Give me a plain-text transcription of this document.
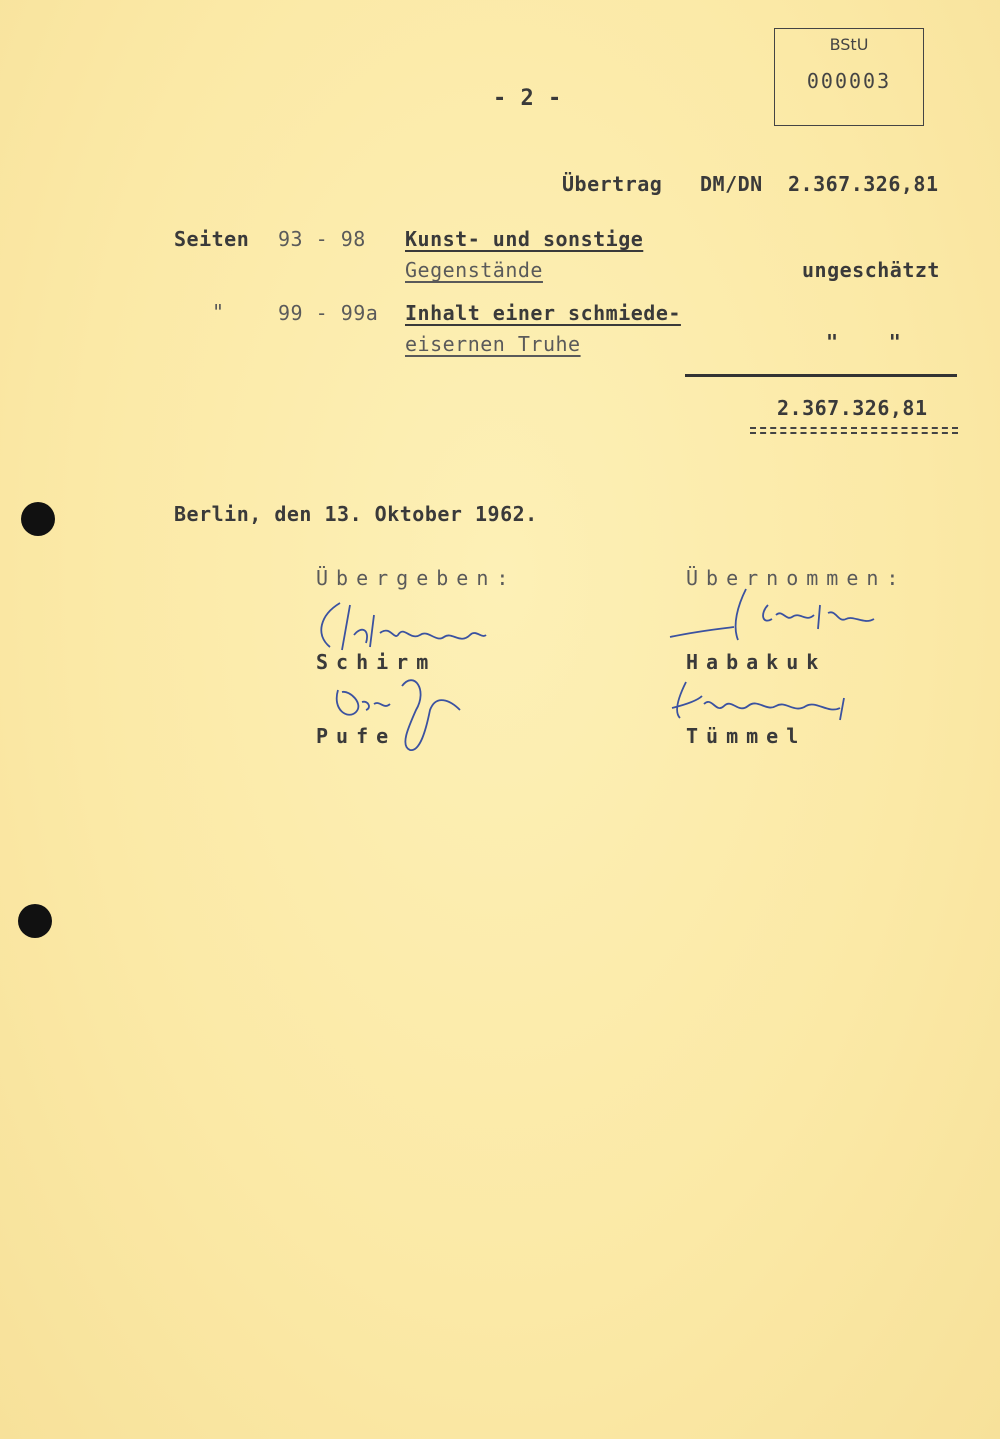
BStU
000003
- 2 -
Übertrag DM/DN 2.367.326,81
Seiten 93 - 98 Kunst- und sonstige
Gegenstände	ungeschätzt
"	99 - 99a Inhalt einer schmiede-
eisernen Truhe	"    "
2.367.326,81
Berlin, den 13. Oktober 1962.
Übergeben:	Übernommen:
Schirm
Pufe
Habakuk
Tümmel
